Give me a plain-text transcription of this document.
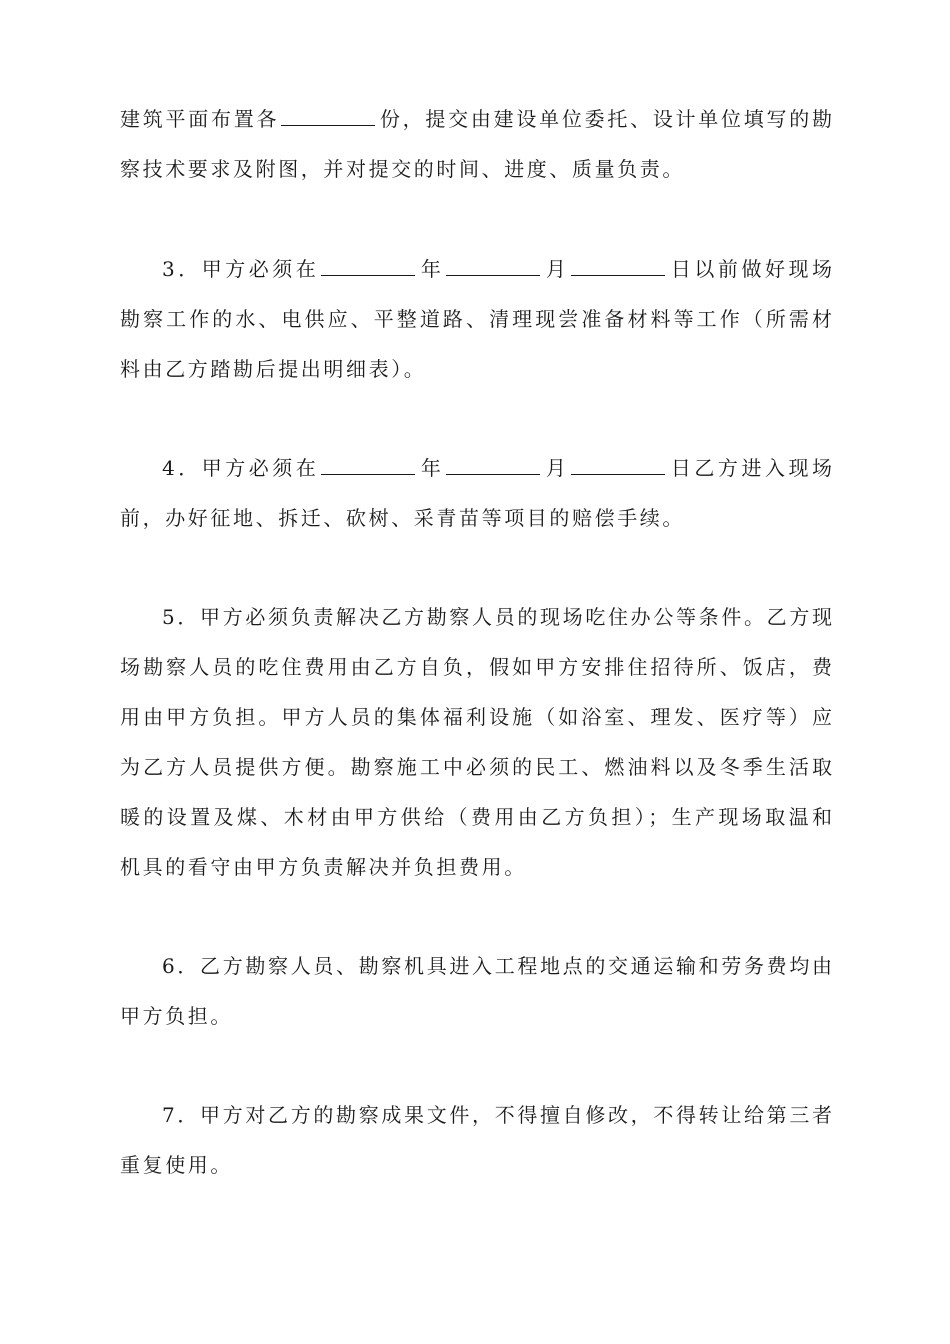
建筑平面布置各	份，提交由建设单位委托、设计单位填写的勘
察技术要求及附图，并对提交的时间、进度、质量负责。
3．甲方必须在	年	月	日以前做好现场
勘察工作的水、电供应、平整道路、清理现尝准备材料等工作（所需材
料由乙方踏勘后提出明细表）。
4．甲方必须在	年	月	日乙方进入现场
前，办好征地、拆迁、砍树、采青苗等项目的赔偿手续。
5．甲方必须负责解决乙方勘察人员的现场吃住办公等条件。乙方现
场勘察人员的吃住费用由乙方自负，假如甲方安排住招待所、饭店，费
用由甲方负担。甲方人员的集体福利设施（如浴室、理发、医疗等）应
为乙方人员提供方便。勘察施工中必须的民工、燃油料以及冬季生活取
暖的设置及煤、木材由甲方供给（费用由乙方负担）；生产现场取温和
机具的看守由甲方负责解决并负担费用。
6．乙方勘察人员、勘察机具进入工程地点的交通运输和劳务费均由
甲方负担。
7．甲方对乙方的勘察成果文件，不得擅自修改，不得转让给第三者
重复使用。
